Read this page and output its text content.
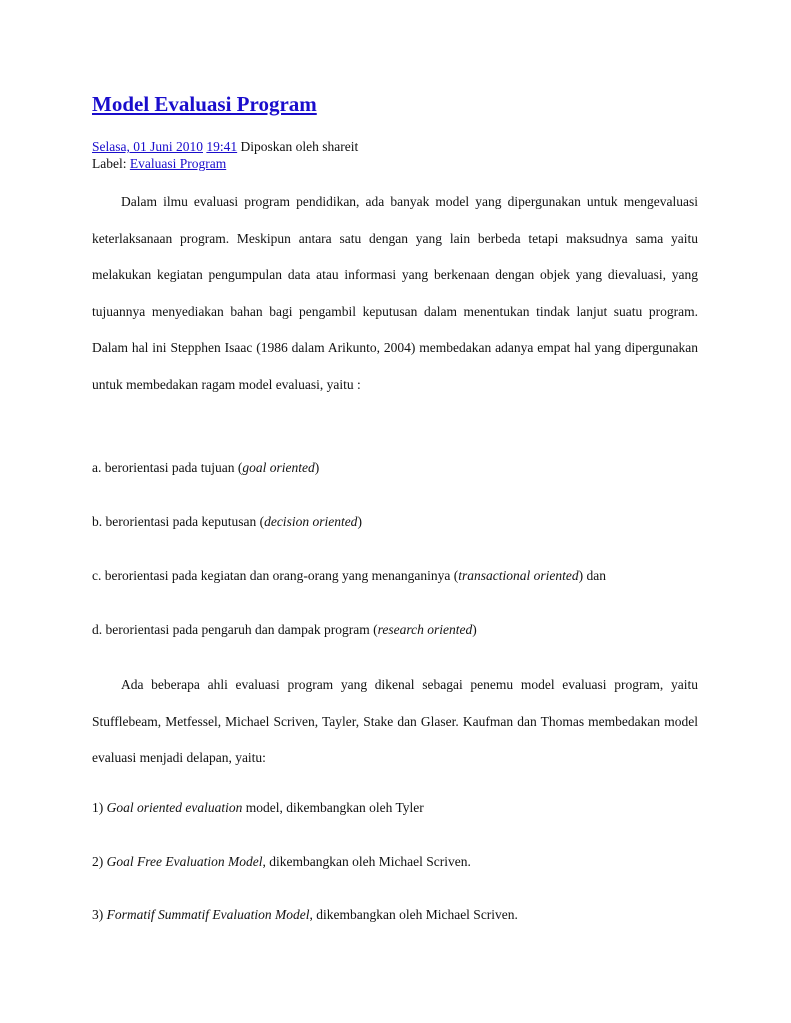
Model Evaluasi Program
Selasa, 01 Juni 2010 19:41 Diposkan oleh shareit
Label: Evaluasi Program

Dalam ilmu evaluasi program pendidikan, ada banyak model yang dipergunakan untuk mengevaluasi keterlaksanaan program. Meskipun antara satu dengan yang lain berbeda tetapi maksudnya sama yaitu melakukan kegiatan pengumpulan data atau informasi yang berkenaan dengan objek yang dievaluasi, yang tujuannya menyediakan bahan bagi pengambil keputusan dalam menentukan tindak lanjut suatu program. Dalam hal ini Stepphen Isaac (1986 dalam Arikunto, 2004) membedakan adanya empat hal yang dipergunakan untuk membedakan ragam model evaluasi, yaitu :

a. berorientasi pada tujuan (goal oriented)

b. berorientasi pada keputusan (decision oriented)

c. berorientasi pada kegiatan dan orang-orang yang menanganinya (transactional oriented) dan

d. berorientasi pada pengaruh dan dampak program (research oriented)

Ada beberapa ahli evaluasi program yang dikenal sebagai penemu model evaluasi program, yaitu Stufflebeam, Metfessel, Michael Scriven, Tayler, Stake dan Glaser. Kaufman dan Thomas membedakan model evaluasi menjadi delapan, yaitu:

1) Goal oriented evaluation model, dikembangkan oleh Tyler

2) Goal Free Evaluation Model, dikembangkan oleh Michael Scriven.

3) Formatif Summatif Evaluation Model, dikembangkan oleh Michael Scriven.
